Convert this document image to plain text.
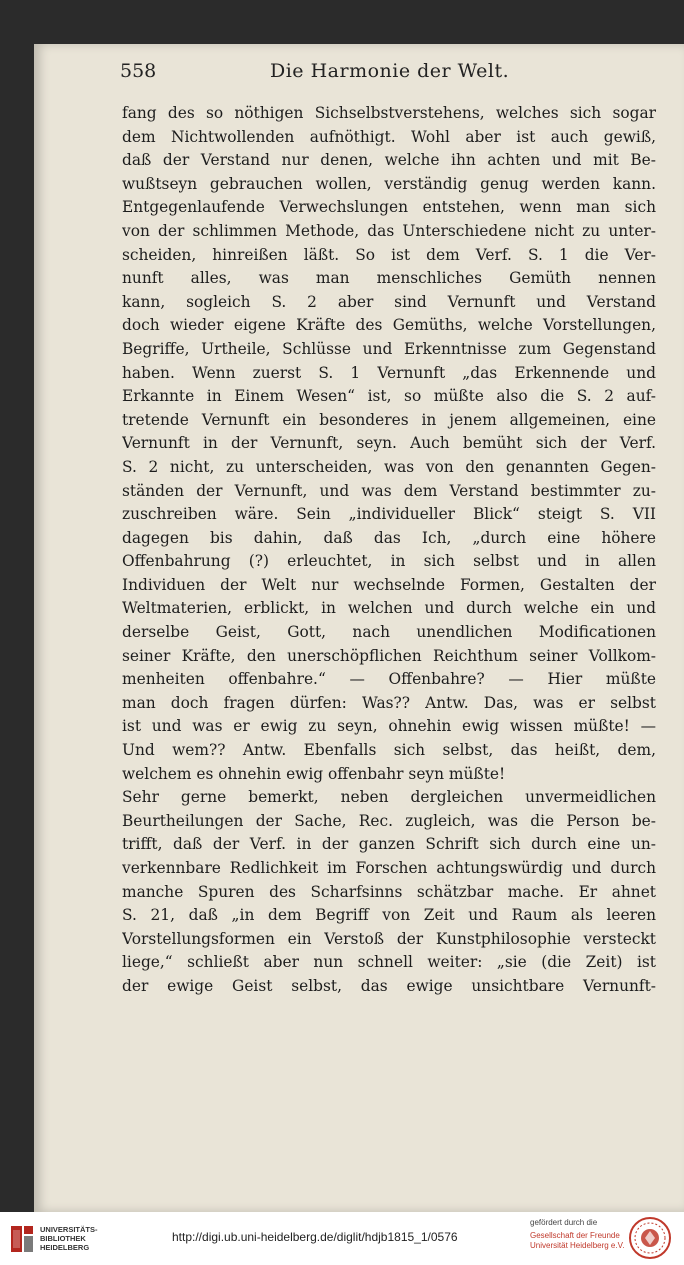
558	Die Harmonie der Welt.
fang des so nöthigen Sichselbstverstehens, welches sich sogar
dem Nichtwollenden aufnöthigt. Wohl aber ist auch gewiß,
daß der Verstand nur denen, welche ihn achten und mit Be-
wußtseyn gebrauchen wollen, verständig genug werden kann.
Entgegenlaufende Verwechslungen entstehen, wenn man sich
von der schlimmen Methode, das Unterschiedene nicht zu unter-
scheiden, hinreißen läßt. So ist dem Verf. S. 1 die Ver-
nunft alles, was man menschliches Gemüth nennen
kann, sogleich S. 2 aber sind Vernunft und Verstand
doch wieder eigene Kräfte des Gemüths, welche Vorstellungen,
Begriffe, Urtheile, Schlüsse und Erkenntnisse zum Gegenstand
haben. Wenn zuerst S. 1 Vernunft „das Erkennende und
Erkannte in Einem Wesen“ ist, so müßte also die S. 2 auf-
tretende Vernunft ein besonderes in jenem allgemeinen, eine
Vernunft in der Vernunft, seyn. Auch bemüht sich der Verf.
S. 2 nicht, zu unterscheiden, was von den genannten Gegen-
ständen der Vernunft, und was dem Verstand bestimmter zu-
zuschreiben wäre. Sein „individueller Blick“ steigt S. VII
dagegen bis dahin, daß das Ich, „durch eine höhere
Offenbahrung (?) erleuchtet, in sich selbst und in allen
Individuen der Welt nur wechselnde Formen, Gestalten der
Weltmaterien, erblickt, in welchen und durch welche ein und
derselbe Geist, Gott, nach unendlichen Modificationen
seiner Kräfte, den unerschöpflichen Reichthum seiner Vollkom-
menheiten offenbahre.“ — Offenbahre? — Hier müßte
man doch fragen dürfen: Was?? Antw. Das, was er selbst
ist und was er ewig zu seyn, ohnehin ewig wissen müßte! —
Und wem?? Antw. Ebenfalls sich selbst, das heißt, dem,
welchem es ohnehin ewig offenbahr seyn müßte!
Sehr gerne bemerkt, neben dergleichen unvermeidlichen
Beurtheilungen der Sache, Rec. zugleich, was die Person be-
trifft, daß der Verf. in der ganzen Schrift sich durch eine un-
verkennbare Redlichkeit im Forschen achtungswürdig und durch
manche Spuren des Scharfsinns schätzbar mache. Er ahnet
S. 21, daß „in dem Begriff von Zeit und Raum als leeren
Vorstellungsformen ein Verstoß der Kunstphilosophie versteckt
liege,“ schließt aber nun schnell weiter: „sie (die Zeit) ist
der ewige Geist selbst, das ewige unsichtbare Vernunft-
UNIVERSITÄTS-
BIBLIOTHEK
HEIDELBERG
http://digi.ub.uni-heidelberg.de/diglit/hdjb1815_1/0576
gefördert durch die
Gesellschaft der Freunde
Universität Heidelberg e.V.
